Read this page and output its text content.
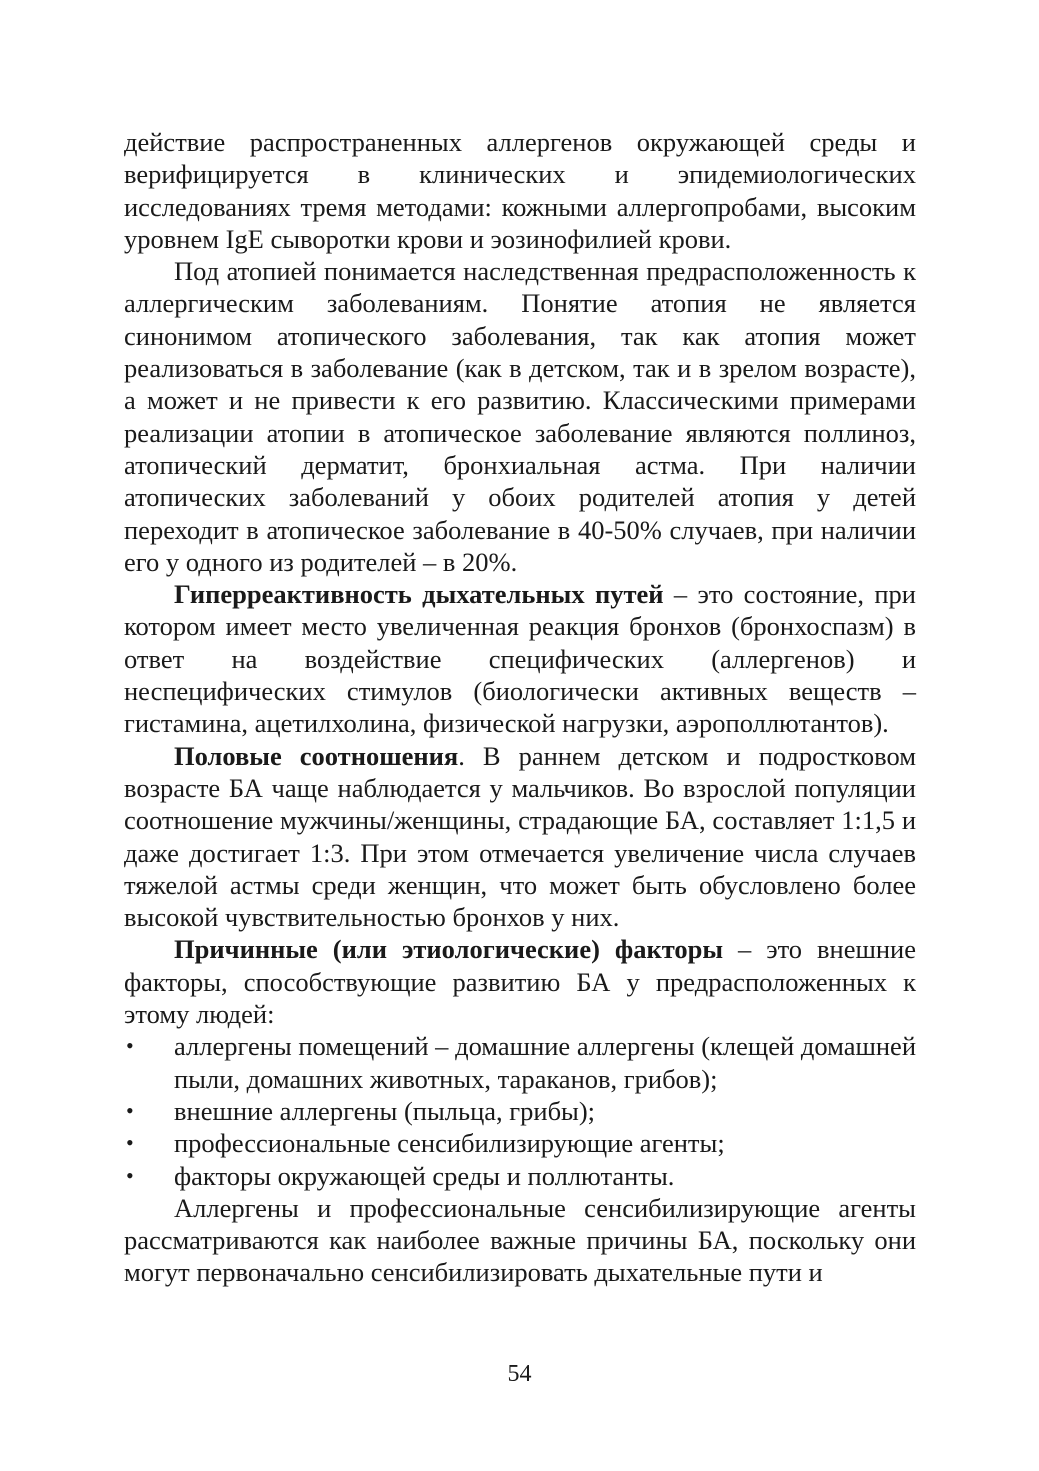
действие распространенных аллергенов окружающей среды и верифицируется в клинических и эпидемиологических исследованиях тремя методами: кожными аллергопробами, высоким уровнем IgE сыворотки крови и эозинофилией крови.

Под атопией понимается наследственная предрасположенность к аллергическим заболеваниям. Понятие атопия не является синонимом атопического заболевания, так как атопия может реализоваться в заболевание (как в детском, так и в зрелом возрасте), а может и не привести к его развитию. Классическими примерами реализации атопии в атопическое заболевание являются поллиноз, атопический дерматит, бронхиальная астма. При наличии атопических заболеваний у обоих родителей атопия у детей переходит в атопическое заболевание в 40-50% случаев, при наличии его у одного из родителей – в 20%.

Гиперреактивность дыхательных путей – это состояние, при котором имеет место увеличенная реакция бронхов (бронхоспазм) в ответ на воздействие специфических (аллергенов) и неспецифических стимулов (биологически активных веществ – гистамина, ацетилхолина, физической нагрузки, аэрополлютантов).

Половые соотношения. В раннем детском и подростковом возрасте БА чаще наблюдается у мальчиков. Во взрослой популяции соотношение мужчины/женщины, страдающие БА, составляет 1:1,5 и даже достигает 1:3. При этом отмечается увеличение числа случаев тяжелой астмы среди женщин, что может быть обусловлено более высокой чувствительностью бронхов у них.

Причинные (или этиологические) факторы – это внешние факторы, способствующие развитию БА у предрасположенных к этому людей:

•	аллергены помещений – домашние аллергены (клещей домашней пыли, домашних животных, тараканов, грибов);
•	внешние аллергены (пыльца, грибы);
•	профессиональные сенсибилизирующие агенты;
•	факторы окружающей среды и поллютанты.

Аллергены и профессиональные сенсибилизирующие агенты рассматриваются как наиболее важные причины БА, поскольку они могут первоначально сенсибилизировать дыхательные пути и

54
